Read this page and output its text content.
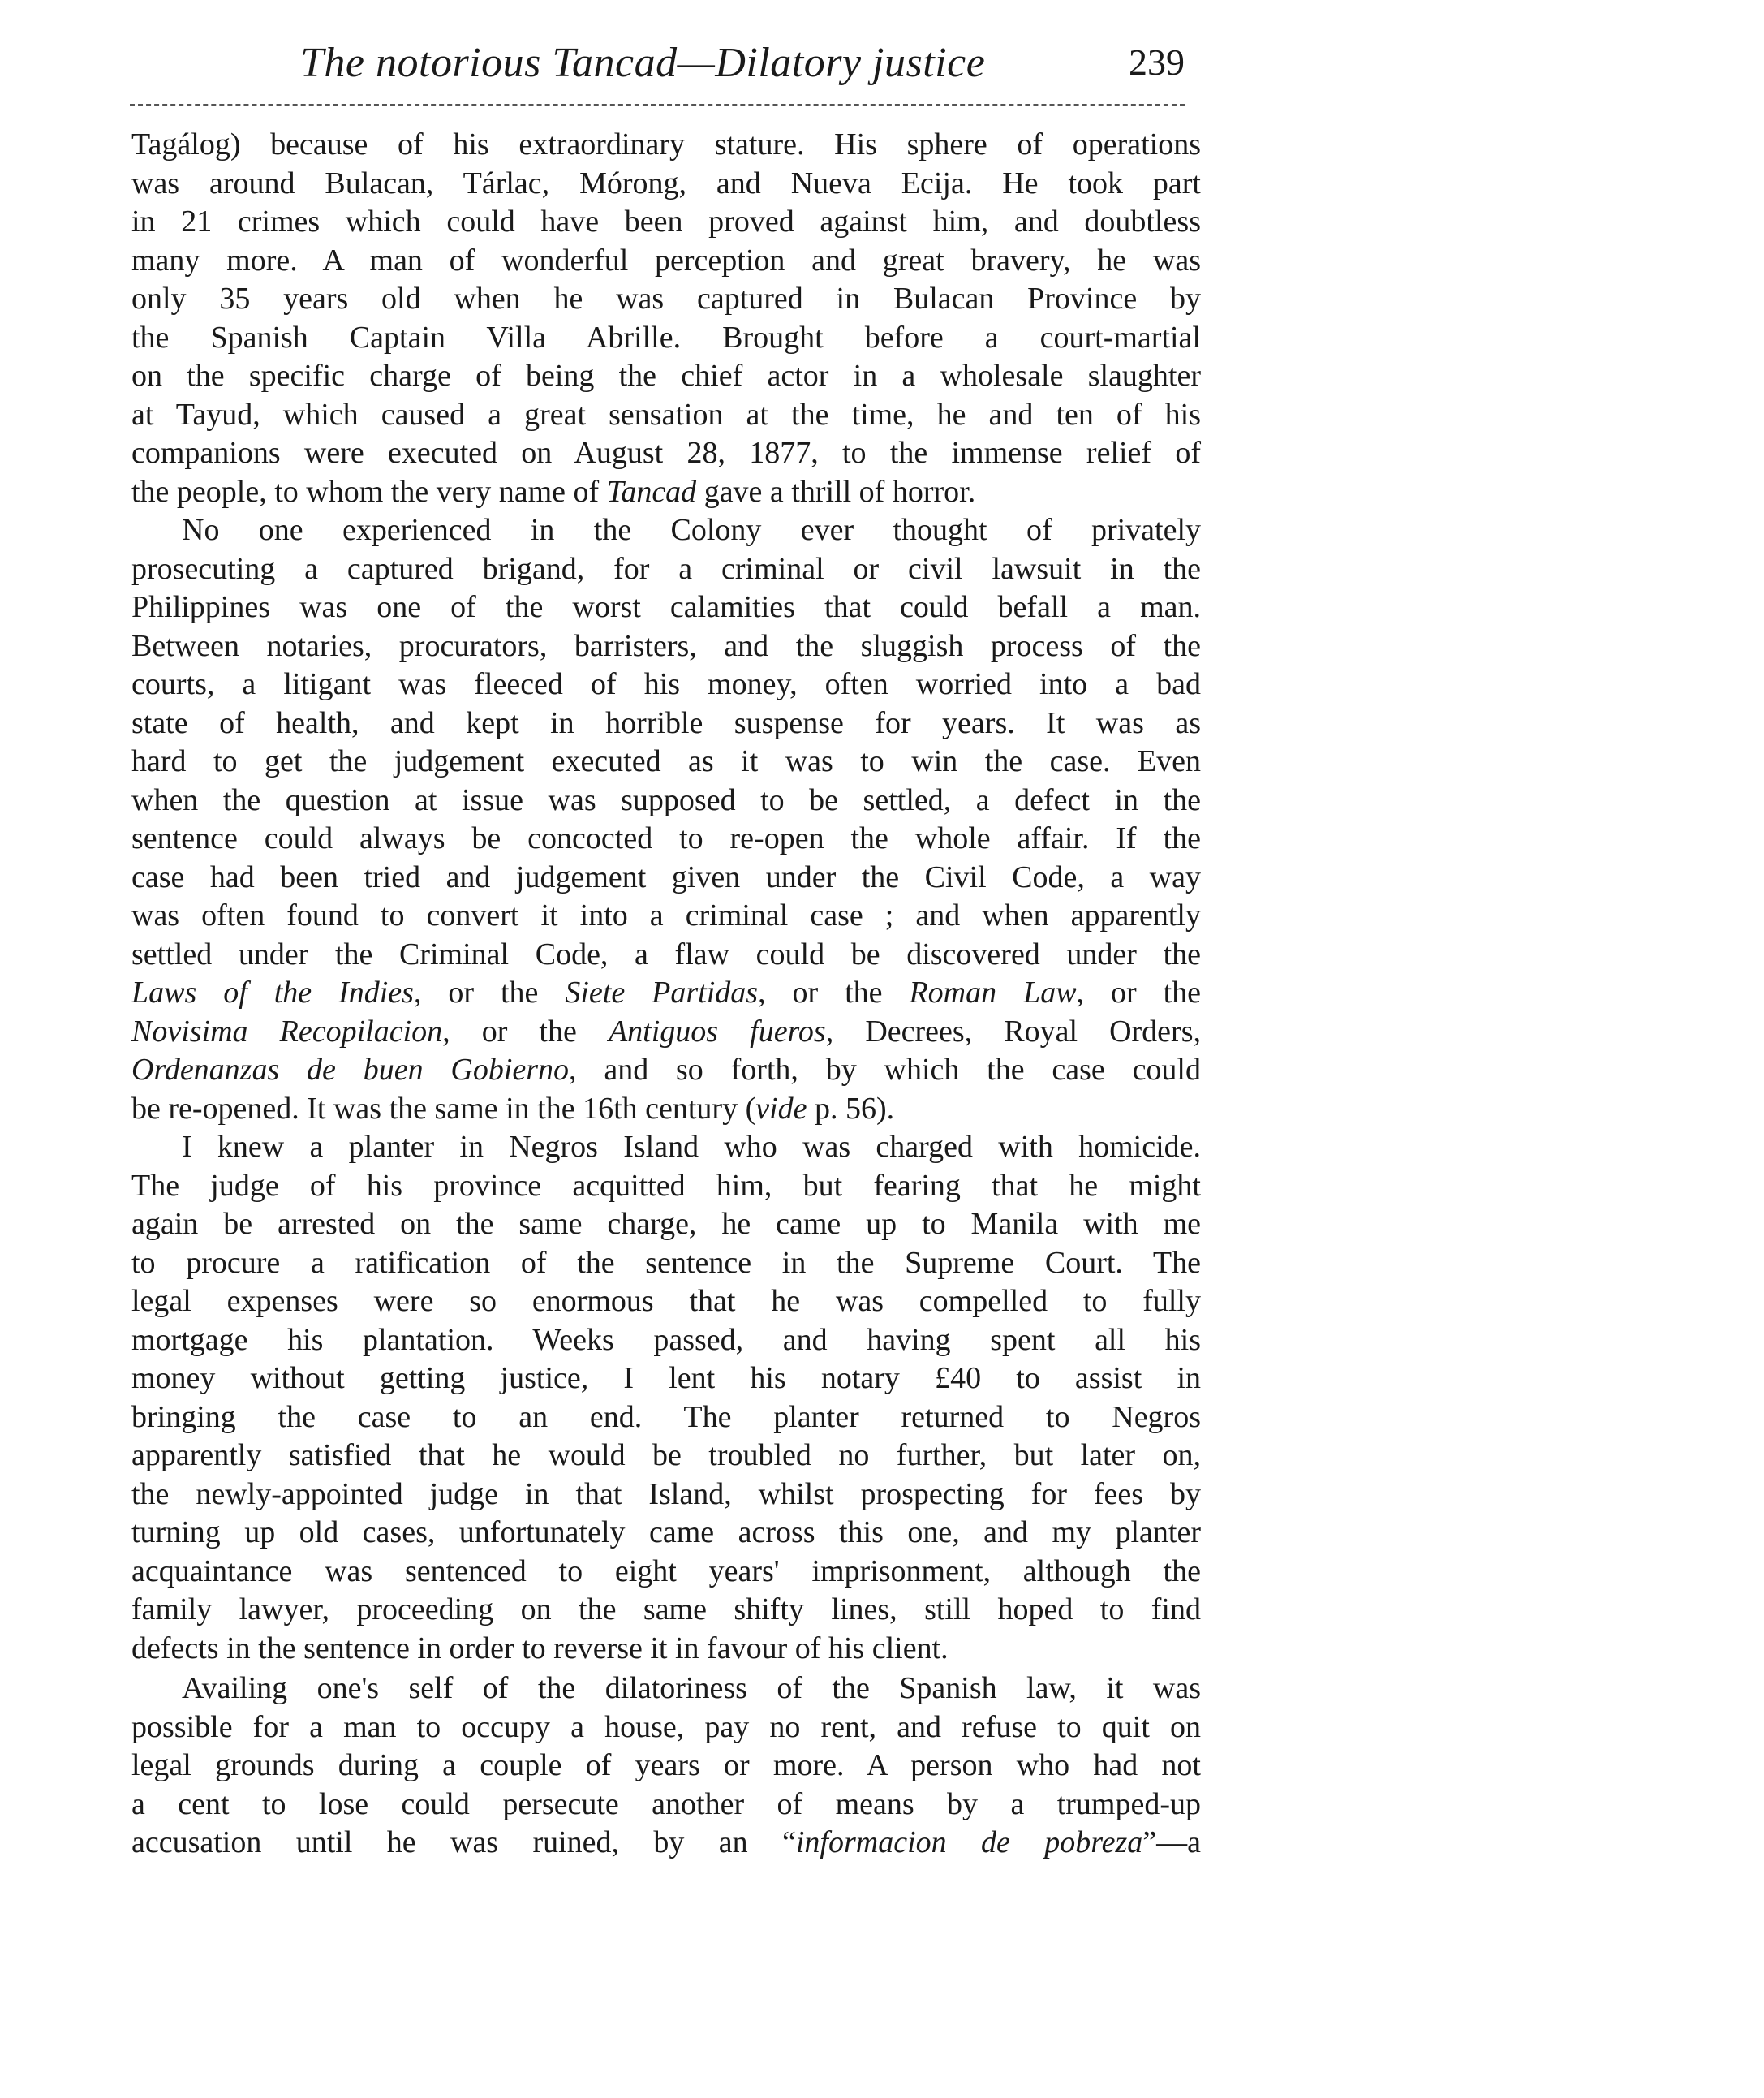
The notorious Tancad—Dilatory justice	239
Tagálog) because of his extraordinary stature. His sphere of operations
was around Bulacan, Tárlac, Mórong, and Nueva Ecija. He took part
in 21 crimes which could have been proved against him, and doubtless
many more. A man of wonderful perception and great bravery, he was
only 35 years old when he was captured in Bulacan Province by
the Spanish Captain Villa Abrille. Brought before a court-martial
on the specific charge of being the chief actor in a wholesale slaughter
at Tayud, which caused a great sensation at the time, he and ten of his
companions were executed on August 28, 1877, to the immense relief of
the people, to whom the very name of Tancad gave a thrill of horror.
No one experienced in the Colony ever thought of privately
prosecuting a captured brigand, for a criminal or civil lawsuit in the
Philippines was one of the worst calamities that could befall a man.
Between notaries, procurators, barristers, and the sluggish process of the
courts, a litigant was fleeced of his money, often worried into a bad
state of health, and kept in horrible suspense for years. It was as
hard to get the judgement executed as it was to win the case. Even
when the question at issue was supposed to be settled, a defect in the
sentence could always be concocted to re-open the whole affair. If the
case had been tried and judgement given under the Civil Code, a way
was often found to convert it into a criminal case ; and when apparently
settled under the Criminal Code, a flaw could be discovered under the
Laws of the Indies, or the Siete Partidas, or the Roman Law, or the
Novisima Recopilacion, or the Antiguos fueros, Decrees, Royal Orders,
Ordenanzas de buen Gobierno, and so forth, by which the case could
be re-opened. It was the same in the 16th century (vide p. 56).
I knew a planter in Negros Island who was charged with homicide.
The judge of his province acquitted him, but fearing that he might
again be arrested on the same charge, he came up to Manila with me
to procure a ratification of the sentence in the Supreme Court. The
legal expenses were so enormous that he was compelled to fully
mortgage his plantation. Weeks passed, and having spent all his
money without getting justice, I lent his notary £40 to assist in
bringing the case to an end. The planter returned to Negros
apparently satisfied that he would be troubled no further, but later on,
the newly-appointed judge in that Island, whilst prospecting for fees by
turning up old cases, unfortunately came across this one, and my planter
acquaintance was sentenced to eight years' imprisonment, although the
family lawyer, proceeding on the same shifty lines, still hoped to find
defects in the sentence in order to reverse it in favour of his client.
Availing one's self of the dilatoriness of the Spanish law, it was
possible for a man to occupy a house, pay no rent, and refuse to quit on
legal grounds during a couple of years or more. A person who had not
a cent to lose could persecute another of means by a trumped-up
accusation until he was ruined, by an “informacion de pobreza”—a
